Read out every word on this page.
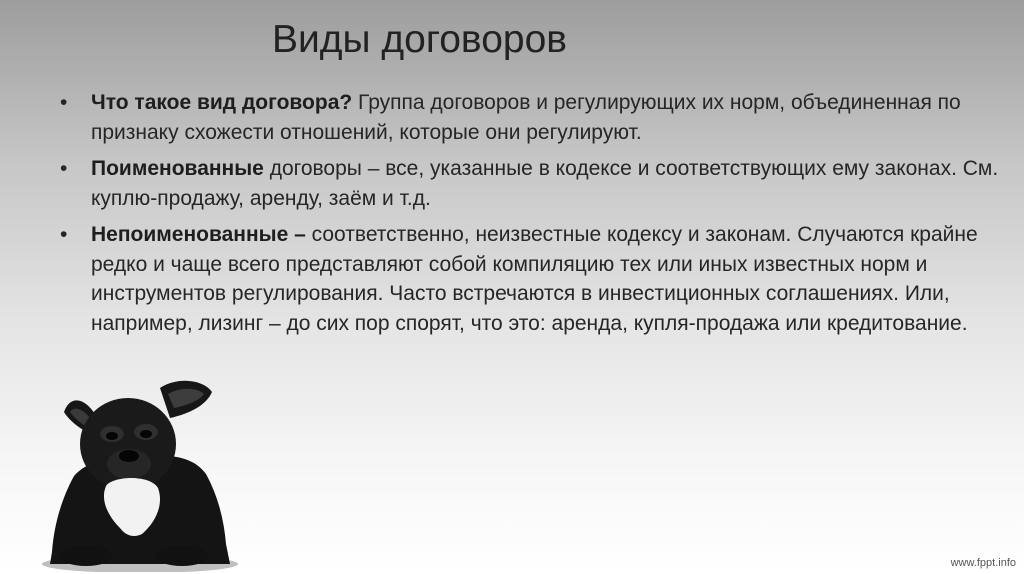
Виды договоров
•	Что такое вид договора? Группа договоров и регулирующих их норм, объединенная по признаку схожести отношений, которые они регулируют.
•	Поименованные договоры – все, указанные в кодексе и соответствующих ему законах. См. куплю-продажу, аренду, заём и т.д.
•	Непоименованные – соответственно, неизвестные кодексу и законам. Случаются крайне редко и чаще всего представляют собой компиляцию тех или иных известных норм и инструментов регулирования. Часто встречаются в инвестиционных соглашениях. Или, например, лизинг – до сих пор спорят, что это: аренда, купля-продажа или кредитование.
www.fppt.info
